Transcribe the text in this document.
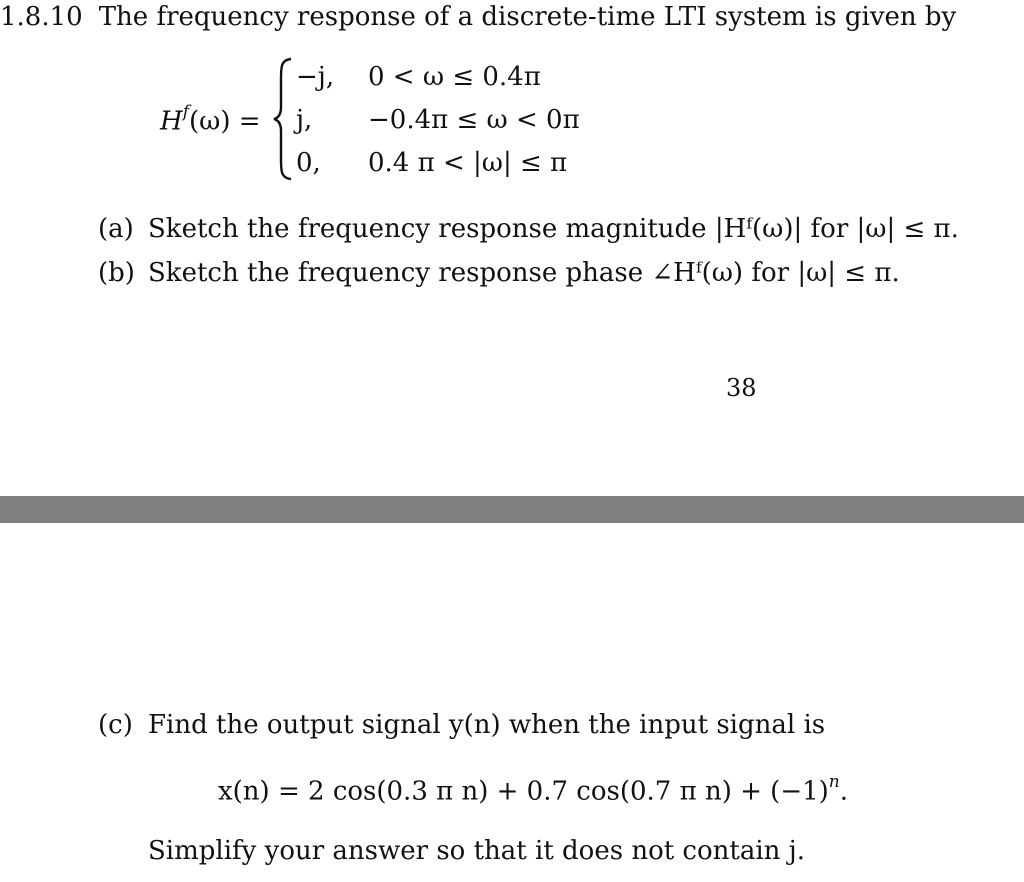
1.8.10 The frequency response of a discrete-time LTI system is given by
$H^f(\omega)$ =
−j, 0 < ω ≤ 0.4π
j, −0.4π ≤ ω < 0π
0, 0.4 π < |ω| ≤ π
(a) Sketch the frequency response magnitude |Hᶠ(ω)| for |ω| ≤ π.
(b) Sketch the frequency response phase ∠Hᶠ(ω) for |ω| ≤ π.
38
(c) Find the output signal y(n) when the input signal is
x(n) = 2 cos(0.3 π n) + 0.7 cos(0.7 π $n) + (-1)^n$.
Simplify your answer so that it does not contain j.
